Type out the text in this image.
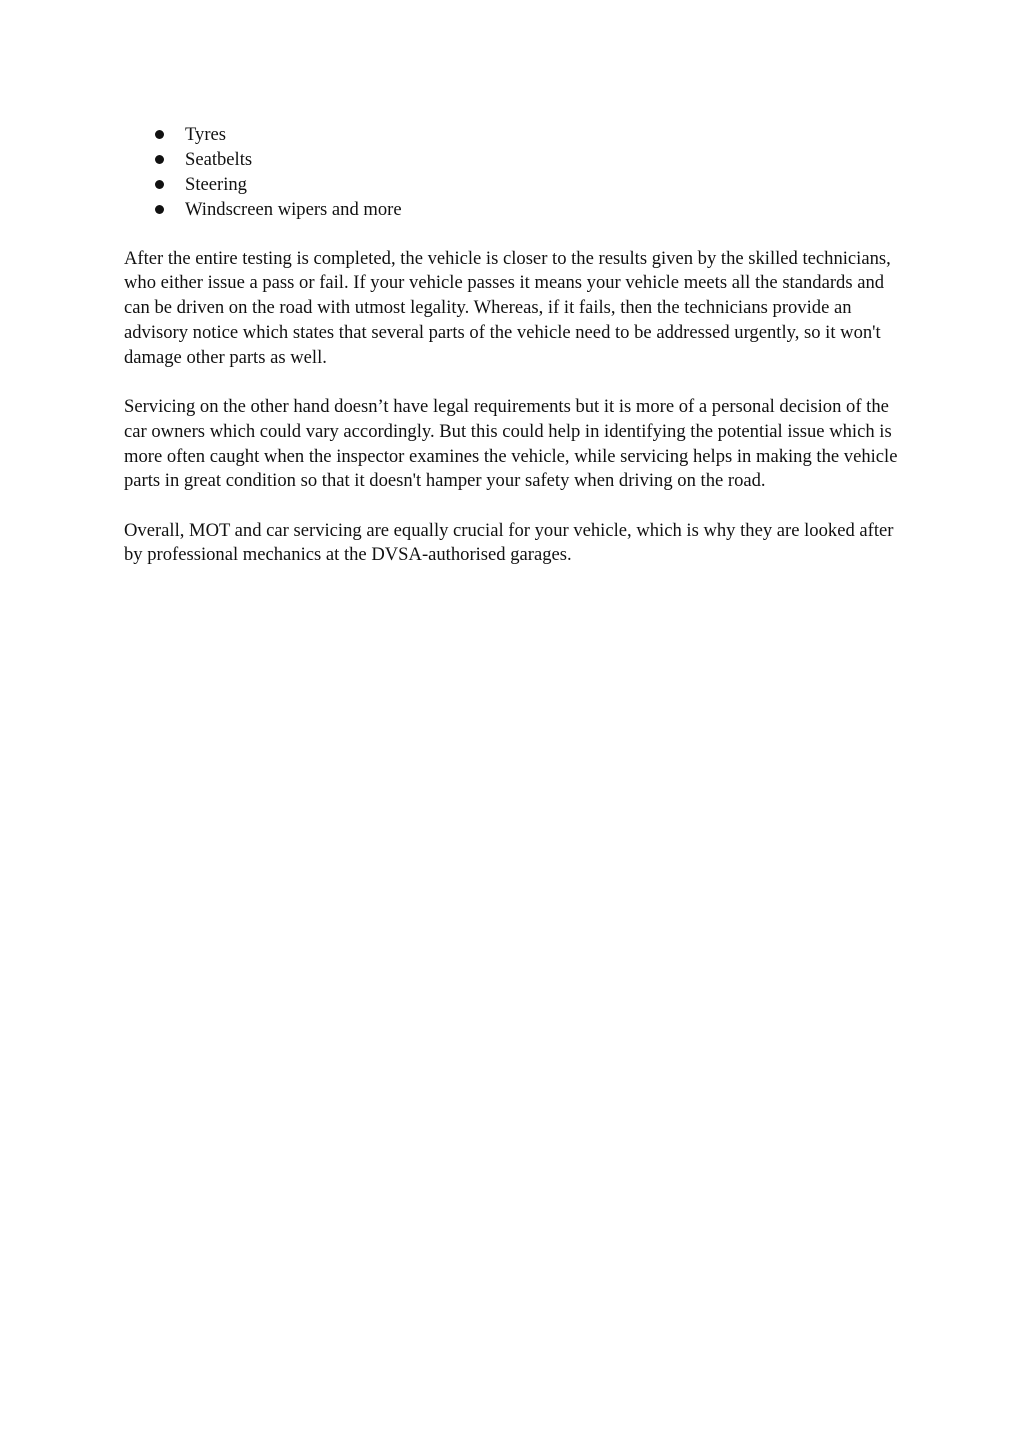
Tyres
Seatbelts
Steering
Windscreen wipers and more

After the entire testing is completed, the vehicle is closer to the results given by the skilled technicians, who either issue a pass or fail. If your vehicle passes it means your vehicle meets all the standards and can be driven on the road with utmost legality. Whereas, if it fails, then the technicians provide an advisory notice which states that several parts of the vehicle need to be addressed urgently, so it won't damage other parts as well.

Servicing on the other hand doesn’t have legal requirements but it is more of a personal decision of the car owners which could vary accordingly. But this could help in identifying the potential issue which is more often caught when the inspector examines the vehicle, while servicing helps in making the vehicle parts in great condition so that it doesn't hamper your safety when driving on the road.

Overall, MOT and car servicing are equally crucial for your vehicle, which is why they are looked after by professional mechanics at the DVSA-authorised garages.
